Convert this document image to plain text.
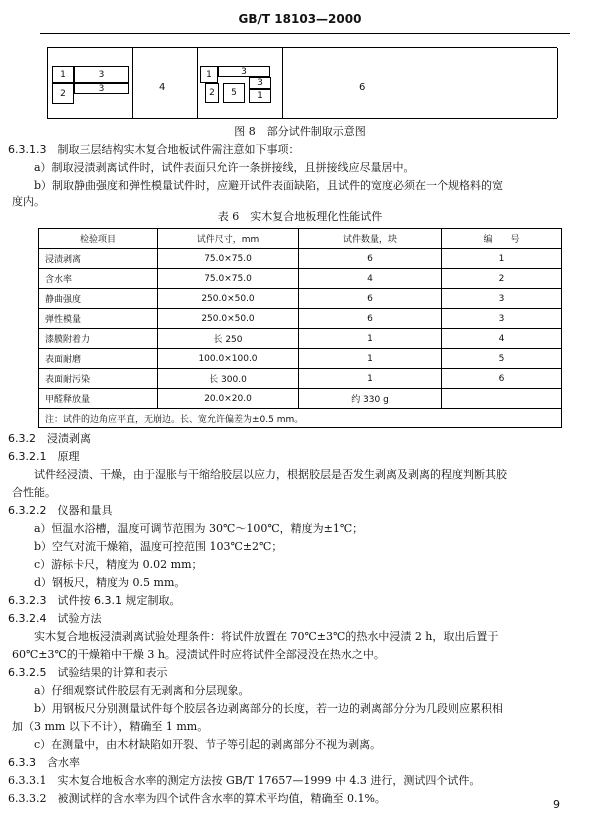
GB/T 18103—2000
1	3
2	3	4
1	3
2 5
3
1
6
图 8　部分试件制取示意图
6.3.1.3　制取三层结构实木复合地板试件需注意如下事项：
a）制取浸渍剥离试件时，试件表面只允许一条拼接线，且拼接线应尽量居中。
b）制取静曲强度和弹性模量试件时，应避开试件表面缺陷，且试件的宽度必须在一个规格料的宽
度内。
表 6　实木复合地板理化性能试件
检验项目	试件尺寸，mm	试件数量，块	编　　号
浸渍剥离	75.0×75.0	6	1
含水率	75.0×75.0	4	2
静曲强度	250.0×50.0	6	3
弹性模量	250.0×50.0	6	3
漆膜附着力	长 250	1	4
表面耐磨	100.0×100.0	1	5
表面耐污染	长 300.0	1	6
甲醛释放量	20.0×20.0	约 330 g	
注：试件的边角应平直，无崩边。长、宽允许偏差为±0.5 mm。			
6.3.2　浸渍剥离
6.3.2.1　原理
试件经浸渍、干燥，由于湿胀与干缩给胶层以应力，根据胶层是否发生剥离及剥离的程度判断其胶
合性能。
6.3.2.2　仪器和量具
a）恒温水浴槽，温度可调节范围为 30℃～100℃，精度为±1℃；
b）空气对流干燥箱，温度可控范围 103℃±2℃；
c）游标卡尺，精度为 0.02 mm；
d）钢板尺，精度为 0.5 mm。
6.3.2.3　试件按 6.3.1 规定制取。
6.3.2.4　试验方法
实木复合地板浸渍剥离试验处理条件：将试件放置在 70℃±3℃的热水中浸渍 2 h，取出后置于
60℃±3℃的干燥箱中干燥 3 h。浸渍试件时应将试件全部浸没在热水之中。
6.3.2.5　试验结果的计算和表示
a）仔细观察试件胶层有无剥离和分层现象。
b）用钢板尺分别测量试件每个胶层各边剥离部分的长度，若一边的剥离部分分为几段则应累积相
加（3 mm 以下不计），精确至 1 mm。
c）在测量中，由木材缺陷如开裂、节子等引起的剥离部分不视为剥离。
6.3.3　含水率
6.3.3.1　实木复合地板含水率的测定方法按 GB/T 17657—1999 中 4.3 进行，测试四个试件。
6.3.3.2　被测试样的含水率为四个试件含水率的算术平均值，精确至 0.1%。	9
